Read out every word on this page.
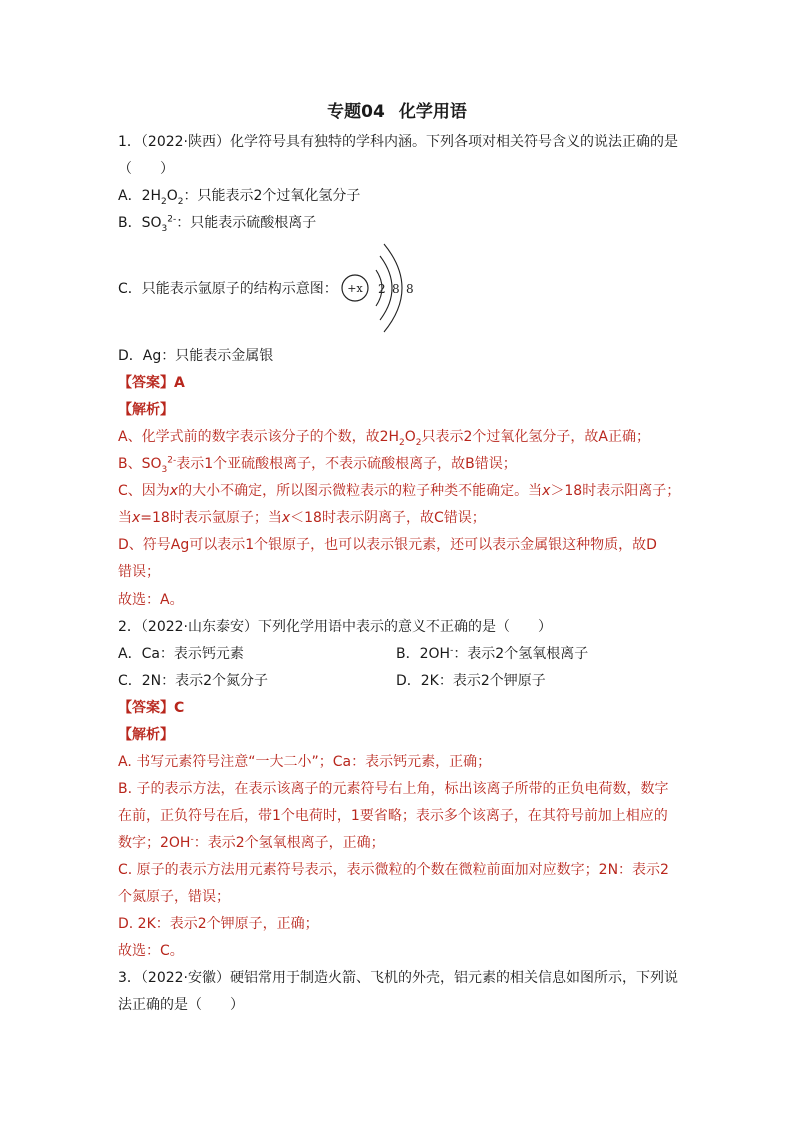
专题04 化学用语
1．（2022·陕西）化学符号具有独特的学科内涵。下列各项对相关符号含义的说法正确的是
（　　）
A．$2H_2O_2$：只能表示2个过氧化氢分子
B．$SO_3^{2-}$：只能表示硫酸根离子
C．只能表示氩原子的结构示意图： +x 2 8 8
D．Ag：只能表示金属银
【答案】A
【解析】
A、化学式前的数字表示该分子的个数，故$2H_2O_2$只表示2个过氧化氢分子，故A正确；
B、$SO_3^{2-}$表示1个亚硫酸根离子，不表示硫酸根离子，故B错误；
C、因为x的大小不确定，所以图示微粒表示的粒子种类不能确定。当x＞18时表示阳离子；
当x=18时表示氩原子；当x＜18时表示阴离子，故C错误；
D、符号Ag可以表示1个银原子，也可以表示银元素，还可以表示金属银这种物质，故D
错误；
故选：A。
2．（2022·山东泰安）下列化学用语中表示的意义不正确的是（　　）
A．Ca：表示钙元素	B．2OH-：表示2个氢氧根离子
C．2N：表示2个氮分子	D．2K：表示2个钾原子
【答案】C
【解析】
A. 书写元素符号注意“一大二小”；Ca：表示钙元素，正确；
B. 子的表示方法，在表示该离子的元素符号右上角，标出该离子所带的正负电荷数，数字
在前，正负符号在后，带1个电荷时，1要省略；表示多个该离子，在其符号前加上相应的
数字；2OH-：表示2个氢氧根离子，正确；
C. 原子的表示方法用元素符号表示，表示微粒的个数在微粒前面加对应数字；2N：表示2
个氮原子，错误；
D. 2K：表示2个钾原子，正确；
故选：C。
3．（2022·安徽）硬铝常用于制造火箭、飞机的外壳，铝元素的相关信息如图所示，下列说
法正确的是（　　）
